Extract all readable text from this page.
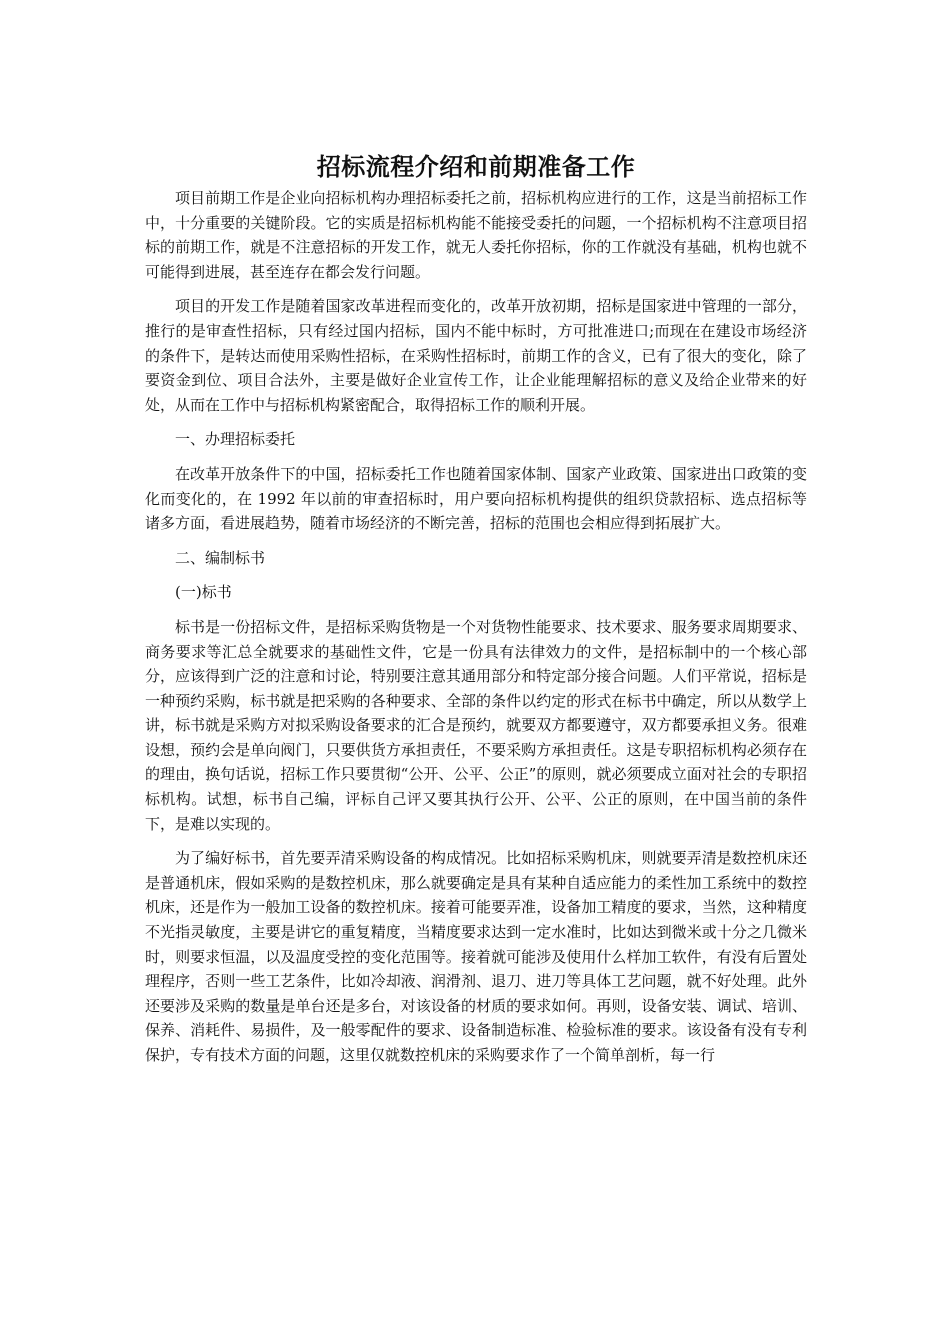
招标流程介绍和前期准备工作
项目前期工作是企业向招标机构办理招标委托之前，招标机构应进行的工作，这是当前招标工作中，十分重要的关键阶段。它的实质是招标机构能不能接受委托的问题，一个招标机构不注意项目招标的前期工作，就是不注意招标的开发工作，就无人委托你招标，你的工作就没有基础，机构也就不可能得到进展，甚至连存在都会发行问题。
项目的开发工作是随着国家改革进程而变化的，改革开放初期，招标是国家进中管理的一部分，推行的是审查性招标，只有经过国内招标，国内不能中标时，方可批准进口;而现在在建设市场经济的条件下，是转达而使用采购性招标，在采购性招标时，前期工作的含义，已有了很大的变化，除了要资金到位、项目合法外，主要是做好企业宣传工作，让企业能理解招标的意义及给企业带来的好处，从而在工作中与招标机构紧密配合，取得招标工作的顺利开展。
一、办理招标委托
在改革开放条件下的中国，招标委托工作也随着国家体制、国家产业政策、国家进出口政策的变化而变化的，在 1992 年以前的审查招标时，用户要向招标机构提供的组织贷款招标、选点招标等诸多方面，看进展趋势，随着市场经济的不断完善，招标的范围也会相应得到拓展扩大。
二、编制标书
(一)标书
标书是一份招标文件，是招标采购货物是一个对货物性能要求、技术要求、服务要求周期要求、商务要求等汇总全就要求的基础性文件，它是一份具有法律效力的文件，是招标制中的一个核心部分，应该得到广泛的注意和讨论，特别要注意其通用部分和特定部分接合问题。人们平常说，招标是一种预约采购，标书就是把采购的各种要求、全部的条件以约定的形式在标书中确定，所以从数学上讲，标书就是采购方对拟采购设备要求的汇合是预约，就要双方都要遵守，双方都要承担义务。很难设想，预约会是单向阀门，只要供货方承担责任，不要采购方承担责任。这是专职招标机构必须存在的理由，换句话说，招标工作只要贯彻“公开、公平、公正”的原则，就必须要成立面对社会的专职招标机构。试想，标书自己编，评标自己评又要其执行公开、公平、公正的原则，在中国当前的条件下，是难以实现的。
为了编好标书，首先要弄清采购设备的构成情况。比如招标采购机床，则就要弄清是数控机床还是普通机床，假如采购的是数控机床，那么就要确定是具有某种自适应能力的柔性加工系统中的数控机床，还是作为一般加工设备的数控机床。接着可能要弄准，设备加工精度的要求，当然，这种精度不光指灵敏度，主要是讲它的重复精度，当精度要求达到一定水准时，比如达到微米或十分之几微米时，则要求恒温，以及温度受控的变化范围等。接着就可能涉及使用什么样加工软件，有没有后置处理程序，否则一些工艺条件，比如冷却液、润滑剂、退刀、进刀等具体工艺问题，就不好处理。此外还要涉及采购的数量是单台还是多台，对该设备的材质的要求如何。再则，设备安装、调试、培训、保养、消耗件、易损件，及一般零配件的要求、设备制造标准、检验标准的要求。该设备有没有专利保护，专有技术方面的问题，这里仅就数控机床的采购要求作了一个简单剖析，每一行
